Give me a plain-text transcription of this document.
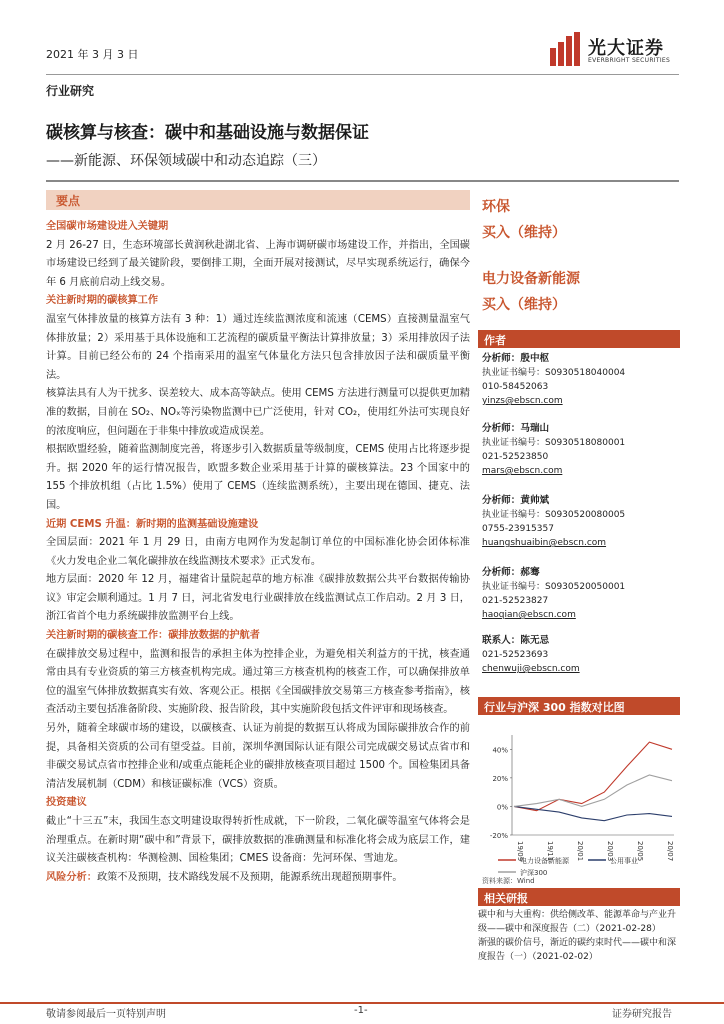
2021 年 3 月 3 日	光大证券
EVERBRIGHT SECURITIES
行业研究
碳核算与核查：碳中和基础设施与数据保证
——新能源、环保领域碳中和动态追踪（三）
要点

全国碳市场建设进入关键期

2 月 26-27 日，生态环境部长黄润秋赴湖北省、上海市调研碳市场建设工作，并指出，全国碳市场建设已经到了最关键阶段，要倒排工期，全面开展对接测试，尽早实现系统运行，确保今年 6 月底前启动上线交易。

关注新时期的碳核算工作

温室气体排放量的核算方法有 3 种：1）通过连续监测浓度和流速（CEMS）直接测量温室气体排放量；2）采用基于具体设施和工艺流程的碳质量平衡法计算排放量；3）采用排放因子法计算。目前已经公布的 24 个指南采用的温室气体量化方法只包含排放因子法和碳质量平衡法。

核算法具有人为干扰多、误差较大、成本高等缺点。使用 CEMS 方法进行测量可以提供更加精准的数据，目前在 SO₂、NOₓ等污染物监测中已广泛使用，针对 CO₂，使用红外法可实现良好的浓度响应，但问题在于非集中排放或造成误差。

根据欧盟经验，随着监测制度完善，将逐步引入数据质量等级制度，CEMS 使用占比将逐步提升。据 2020 年的运行情况报告，欧盟多数企业采用基于计算的碳核算法。23 个国家中的 155 个排放机组（占比 1.5%）使用了 CEMS（连续监测系统），主要出现在德国、捷克、法国。

近期 CEMS 升温：新时期的监测基础设施建设

全国层面：2021 年 1 月 29 日，由南方电网作为发起制订单位的中国标准化协会团体标准《火力发电企业二氧化碳排放在线监测技术要求》正式发布。

地方层面：2020 年 12 月，福建省计量院起草的地方标准《碳排放数据公共平台数据传输协议》审定会顺利通过。1 月 7 日，河北省发电行业碳排放在线监测试点工作启动。2 月 3 日，浙江省首个电力系统碳排放监测平台上线。

关注新时期的碳核查工作：碳排放数据的护航者

在碳排放交易过程中，监测和报告的承担主体为控排企业，为避免相关利益方的干扰，核查通常由具有专业资质的第三方核查机构完成。通过第三方核查机构的核查工作，可以确保排放单位的温室气体排放数据真实有效、客观公正。根据《全国碳排放交易第三方核查参考指南》，核查活动主要包括准备阶段、实施阶段、报告阶段，其中实施阶段包括文件评审和现场核查。

另外，随着全球碳市场的建设，以碳核查、认证为前提的数据互认将成为国际碳排放合作的前提，具备相关资质的公司有望受益。目前，深圳华测国际认证有限公司完成碳交易试点省市和非碳交易试点省市控排企业和/或重点能耗企业的碳排放核查项目超过 1500 个。国检集团具备清洁发展机制（CDM）和核证碳标准（VCS）资质。

投资建议

截止“十三五”末，我国生态文明建设取得转折性成就，下一阶段，二氧化碳等温室气体将会是治理重点。在新时期“碳中和”背景下，碳排放数据的准确测量和标准化将会成为底层工作，建议关注碳核查机构：华测检测、国检集团；CMES 设备商：先河环保、雪迪龙。

风险分析：政策不及预期，技术路线发展不及预期，能源系统出现超预期事件。

环保
买入（维持）
电力设备新能源
买入（维持）
作者
分析师：殷中枢
执业证书编号：S0930518040004
010-58452063
yinzs@ebscn.com
分析师：马瑞山
执业证书编号：S0930518080001
021-52523850
mars@ebscn.com
分析师：黄帅斌
执业证书编号：S0930520080005
0755-23915357
huangshuaibin@ebscn.com
分析师：郝骞
执业证书编号：S0930520050001
021-52523827
haoqian@ebscn.com
联系人：陈无忌
021-52523693
chenwuji@ebscn.com
行业与沪深 300 指数对比图
-20%
0%
20%
40%
19/09	19/11	20/01	20/03	20/05	20/07
电力设备新能源	公用事业
沪深300
资料来源：Wind
相关研报
碳中和与大重构：供给侧改革、能源革命与产业升级——碳中和深度报告（二）（2021-02-28）
渐强的碳价信号，渐近的碳约束时代——碳中和深度报告（一）（2021-02-02）
敬请参阅最后一页特别声明	-1-	证券研究报告
